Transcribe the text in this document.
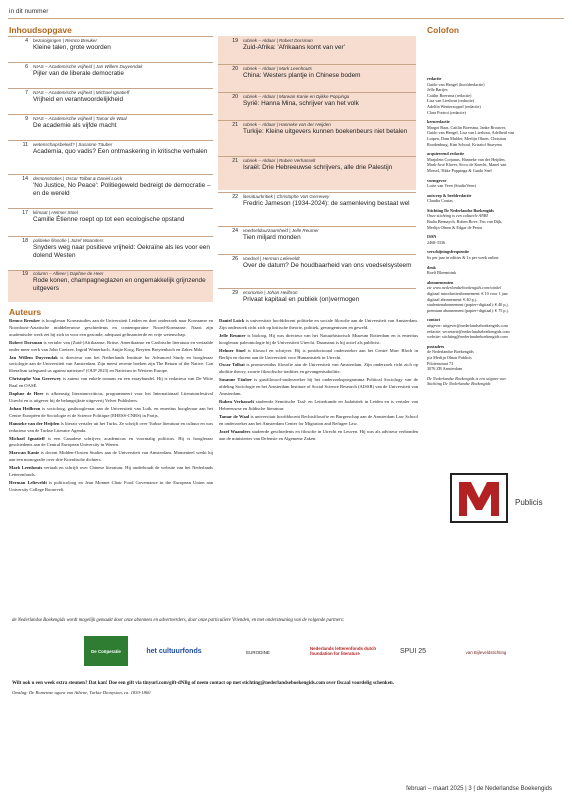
in dit nummer
Inhoudsopgave	Colofon
4 bezuinigingen | Remco Breuker
Kleine talen, grote woorden
6 NIAS – Academische vrijheid | Jan Willem Duyvendak
Pijler van de liberale democratie
7 NIAS – Academische vrijheid | Michael Ignatieff
Vrijheid en verantwoordelijkheid
9 NIAS – Academische vrijheid | Tamar de Waal
De academie als vijfde macht
11 wetenschapsbeleid? | Susanne Täuber
Academia, quo vadis? Een ontmaskering in kritische verhalen
14 demonstraties | Oscar Tolbat & Daniel Loick
'No Justice, No Peace': Politiegeweld bedreigt de democratie – en de wereld
17 klimaat | Helmer Stoel
Camille Étienne roept op tot een ecologische opstand
18 politieke filosofie | Jozef Waanders
Snyders weg naar positieve vrijheid: Oekraïne als les voor een dolend Westen
19 column – Afkeer | Daphne de Heer
Rode konen, champagneglazen en ongemakkelijk grijnzende uitgevers
19 rubriek – Aldaar | Robert Dorsman
Zuid-Afrika: 'Afrikaans komt van ver'
20 rubriek – Aldaar | Mark Leenhouts
China: Westers plantje in Chinese bodem
20 rubriek – Aldaar | Marwan Kanie en Djikke Poppinga
Syrië: Hanna Mina, schrijver van het volk
21 rubriek – Aldaar | Hanneke van der Heijden
Turkije: Kleine uitgevers kunnen boekenbeurs niet betalen
21 rubriek – Aldaar | Ruben Verhasselt
Israël: Drie Hebreeuwse schrijvers, alle drie Palestijn
22 literatuurkritiek | Christophe Van Gerrewey
Fredric Jameson (1934-2024): de samenleving bestaat wel
24 voedselduurzaamheid | Jelle Reumer
Tien miljard monden
26 voedsel | Herman Lelieveldt
Over de datum? De houdbaarheid van ons voedselsysteem
29 economie | Johan Heilbron
Privaat kapitaal en publiek (on)vermogen
Auteurs

Remco Breuker is hoogleraar Koreastudies aan de Universiteit Leiden en doet onderzoek naar Koreaanse en Noordoost-Aziatische middeleeuwse geschiedenis en contemporaine Noord-Koreaanse. Naast zijn academische werk zet hij zich in voor een gezonde, adequaat gefinancierde en vrije wetenschap.

Robert Dorsman is vertaler van (Zuid-)Afrikaanse, Britse, Amerikaanse en Caribische literatuur en vertaalde onder meer werk van John Coetzee, Ingrid Winterbach, Antjie Krog, Breyten Breytenbach en Zakes Mda.

Jan Willem Duyvendak is directeur van het Netherlands Institute for Advanced Study en hoogleraar sociologie aan de Universiteit van Amsterdam. Zijn meest recente boeken zijn The Return of the Native. Can liberalism safeguard us against nativism? (OUP 2023) en Nativism in Western Europe.

Christophe Van Gerrewey is auteur van enkele romans en een essaybundel. Hij is redacteur van De Witte Raaf en OASE.

Daphne de Heer is afkomstig literatuurcriticus, programmeert voor het Internationaal Literatuurfestival Utrecht en is uitgever bij de belangrijkste uitgeverij Velvet Publishers.

Johan Heilbron is socioloog, gasthoogleraar aan de Universiteit van Luik, en emeritus hoogleraar aan het Centre Européen de Sociologie et de Science Politique (EHESS-CNRS) in Parijs.

Hanneke van der Heijden is literair vertaler uit het Turks. Ze schrijft over Turkse literatuur en cultuur en was redacteur van de Turkse Literaire Agenda.

Michael Ignatieff is een Canadese schrijver, academicus en voormalig politicus. Hij is hoogleraar geschiedenis aan de Central European University in Wenen.

Marwan Kanie is docent Midden-Oosten Studies aan de Universiteit van Amsterdam. Momenteel werkt hij aan een monografie over drie Koerdische dichters.

Mark Leenhouts vertaalt en schrijft over Chinese literatuur. Hij onderhoudt de website van het Nederlands Letterenfonds.

Herman Lelieveldt is politicoloog en Jean Monnet Chair Food Governance in the European Union aan University College Roosevelt.

Daniel Loick is universitair hoofddocent politieke en sociale filosofie aan de Universiteit van Amsterdam. Zijn onderzoek richt zich op kritische theorie, politiek, gevangenissen en geweld.

Jelle Reumer is bioloog. Hij was directeur van het Natuurhistorisch Museum Rotterdam en is emeritus hoogleraar paleontologie bij de Universiteit Utrecht. Daarnaast is hij actief als publicist.

Helmer Stoel is filosoof en schrijver. Hij is postdoctoraal onderzoeker aan het Centre Marc Bloch in Berlijn en docent aan de Universiteit voor Humanistiek in Utrecht.

Oscar Tolbat is promovendus filosofie aan de Universiteit van Amsterdam. Zijn onderzoek richt zich op abolitie theory, zwarte filosofische tradities en gevangenisabolitie.

Susanne Täuber is gastfilosoof-onderzoeker bij het onderzoeksprogramma Political Sociology van de afdeling Sociologie en het Amsterdam Institute of Social Science Research (AISSR) van de Universiteit van Amsterdam.

Ruben Verhasselt studeerde Semitische Taal- en Letterkunde en Judaïstiek in Leiden en is vertaler van Hebreeuwse en Jiddische literatuur.

Tamar de Waal is universitair hoofddocent Rechtsfilosofie en Burgerschap aan de Amsterdam Law School en onderzoeker aan het Amsterdam Center for Migration and Refugee Law.

Jozef Waanders studeerde geschiedenis en filosofie in Utrecht en Leuven. Hij was als adviseur verbonden aan de ministeries van Defensie en Algemene Zaken.

redactie
Guido van Hengel (hoofdredactie)
Jelle Bartjes
Caitlin Boersma (redactie)
Lisa van Lieshout (redactie)
Adelfia Wenterzoppel (redactie)
Clara Portroi (redactie)
kernredactie
Margot Baas, Caitlin Boersma, Janke Brouwer,
Guido van Hengel, Lisa van Lieshout, Adelheid van
Luipen, Dam Mulder, Merlijn Olnon, Christian
Roodenburg, Kim Schouf, Krisztof Stueyens
acquirerend redactie
Marjolein Corjanus, Hanneke van der Heijden,
Mark-José Klaver, Sicco de Knecht, Manel van
Morsel, Tikke Poppinga & Guido Snel
vormgever
Luise van Veen (StudioVeen)
ontwerp & beeldredactie
Claudia Coutas
Stichting De Nederlandse Boekengids
Onze stichting is een culturele ANBI
Badia Bennaych, Ruben Bove, Yus van Dijk,
Merlijn Olnon & Edgar de Peron
ISSN
2468-3336
verschijningsfrequentie
6x per jaar in edities & 1x per week online
druk
Roeli Bloemtrink
abonnementen
zie www.nederlandseboekengids.com/winkel
digitaal introductieabonnement: € 10 voor 1 jaar
digitaal abonnement: € 40 p.j.
studentenabonnement (papier+digitaal): € 40 p.j.
premium abonnement (papier+digitaal): € 75 p.j.
contact
uitgever: uitgever@nederlandseboekengids.com
redactie: secretarie@nederlandseboekengids.com
website: stichting@nederlandseboekengids.com
postadres
de Nederlandse Boekengids
p/a Merlijn Olnon Publicis
Pilotenstraat 73
3076 ZB Amsterdam
De Nederlandse Boekengids is een uitgave van
Stichting De Nederlandse Boekengids
Publicis
de Nederlandse Boekengids wordt mogelijk gemaakt door onze abonnees en adverteerders, door onze particuliere Vrienden, en met ondersteuning van de volgende partners:
De Coöperatie	het cultuurfonds	EURODINE
Nederlands letterenfonds dutch foundation for literature	SPUI 25	van Bijleveldstichting
Wilt ook u een week extra steunen? Dat kan! Doe een gift via tinyurl.com/gift-dNBg of neem contact op met stichting@nederlandseboekengids.com over fiscaal voordelig schenken.
Omslag: De Romeinse agora van Athene, Turkse Dionysion, ca. 1830-1860
februari – maart 2025 | 3 | de Nederlandse Boekengids
